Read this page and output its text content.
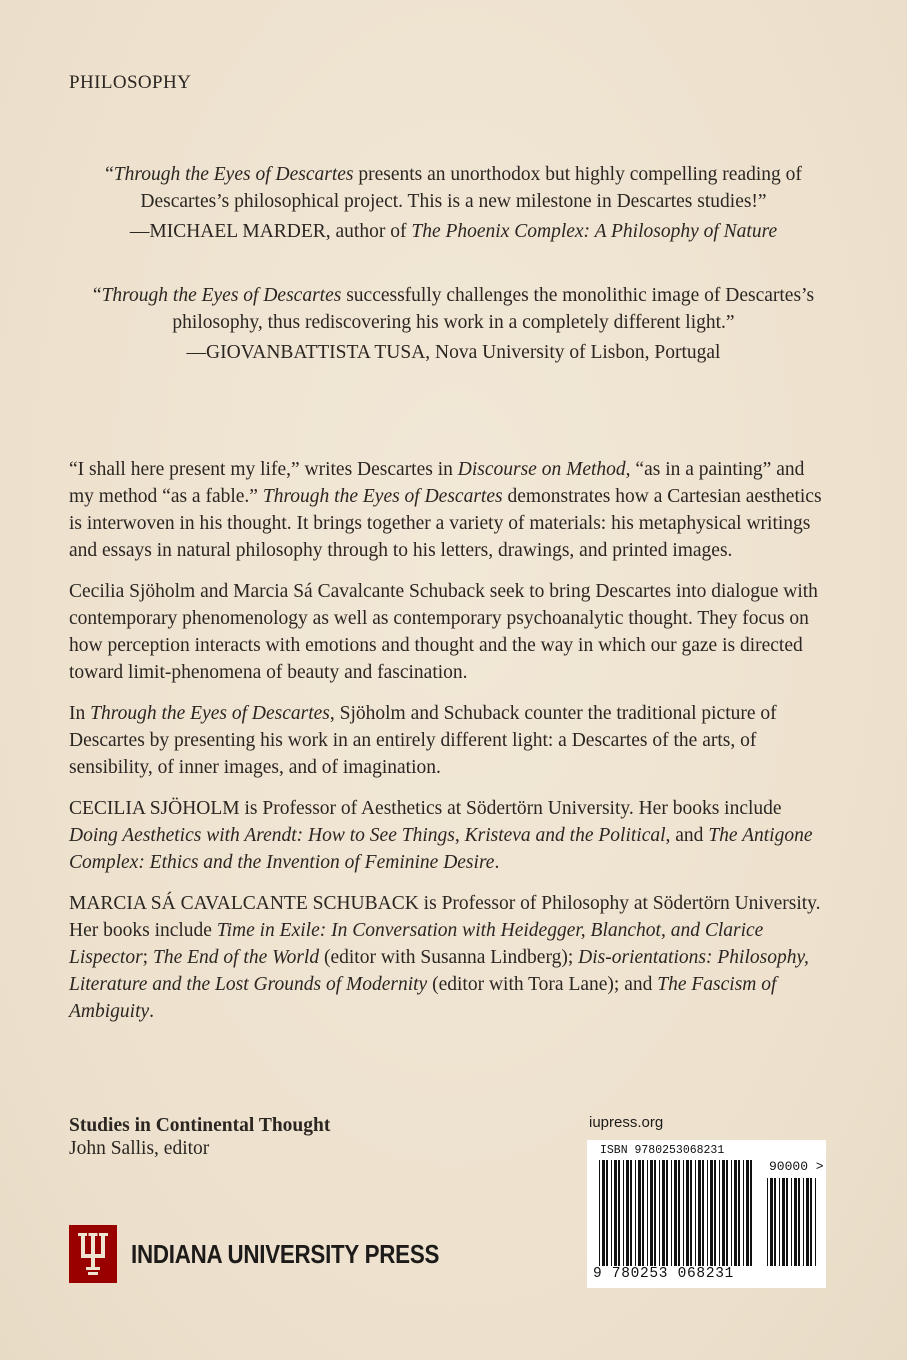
PHILOSOPHY
“Through the Eyes of Descartes presents an unorthodox but highly compelling reading of Descartes’s philosophical project. This is a new milestone in Descartes studies!”
—MICHAEL MARDER, author of The Phoenix Complex: A Philosophy of Nature
“Through the Eyes of Descartes successfully challenges the monolithic image of Descartes’s philosophy, thus rediscovering his work in a completely different light.”
—GIOVANBATTISTA TUSA, Nova University of Lisbon, Portugal

“I shall here present my life,” writes Descartes in Discourse on Method, “as in a painting” and my method “as a fable.” Through the Eyes of Descartes demonstrates how a Cartesian aesthetics is interwoven in his thought. It brings together a variety of materials: his metaphysical writings and essays in natural philosophy through to his letters, drawings, and printed images.

Cecilia Sjöholm and Marcia Sá Cavalcante Schuback seek to bring Descartes into dialogue with contemporary phenomenology as well as contemporary psychoanalytic thought. They focus on how perception interacts with emotions and thought and the way in which our gaze is directed toward limit-phenomena of beauty and fascination.

In Through the Eyes of Descartes, Sjöholm and Schuback counter the traditional picture of Descartes by presenting his work in an entirely different light: a Descartes of the arts, of sensibility, of inner images, and of imagination.

CECILIA SJÖHOLM is Professor of Aesthetics at Södertörn University. Her books include Doing Aesthetics with Arendt: How to See Things, Kristeva and the Political, and The Antigone Complex: Ethics and the Invention of Feminine Desire.

MARCIA SÁ CAVALCANTE SCHUBACK is Professor of Philosophy at Södertörn University. Her books include Time in Exile: In Conversation with Heidegger, Blanchot, and Clarice Lispector; The End of the World (editor with Susanna Lindberg); Dis-orientations: Philosophy, Literature and the Lost Grounds of Modernity (editor with Tora Lane); and The Fascism of Ambiguity.

Studies in Continental Thought
John Sallis, editor
INDIANA UNIVERSITY PRESS
iupress.org
ISBN 9780253068231
90000 >
9 780253 068231
